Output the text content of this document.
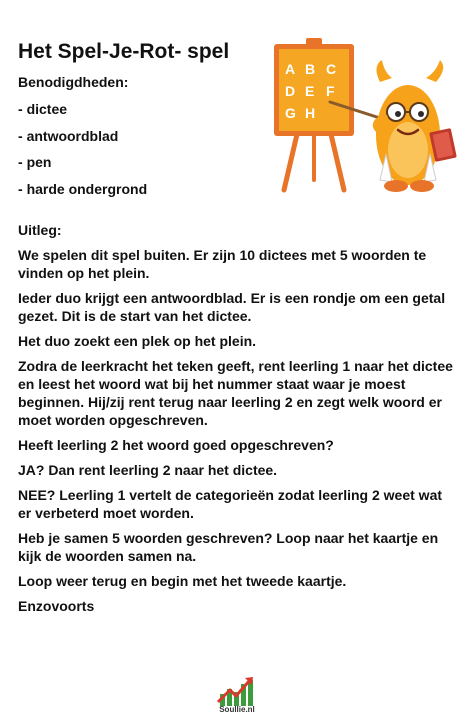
Het Spel-Je-Rot- spel
Benodigdheden:
- dictee
- antwoordblad
- pen
- harde ondergrond
Uitleg:

We spelen dit spel buiten. Er zijn 10 dictees met 5 woorden te vinden op het plein.

Ieder duo krijgt een antwoordblad. Er is een rondje om een getal gezet. Dit is de start van het dictee.

Het duo zoekt een plek op het plein.

Zodra de leerkracht het teken geeft, rent leerling 1 naar het dictee en leest het woord wat bij het nummer staat waar je moest beginnen. Hij/zij rent terug naar leerling 2 en zegt welk woord er moet worden opgeschreven.

Heeft leerling 2 het woord goed opgeschreven?

JA? Dan rent leerling 2 naar het dictee.

NEE? Leerling 1 vertelt de categorieën zodat leerling 2 weet wat er verbeterd moet worden.

Heb je samen 5 woorden geschreven? Loop naar het kaartje en kijk de woorden samen na.

Loop weer terug en begin met het tweede kaartje.

Enzovoorts

A B C
D E F
G H
Soullie.nl
